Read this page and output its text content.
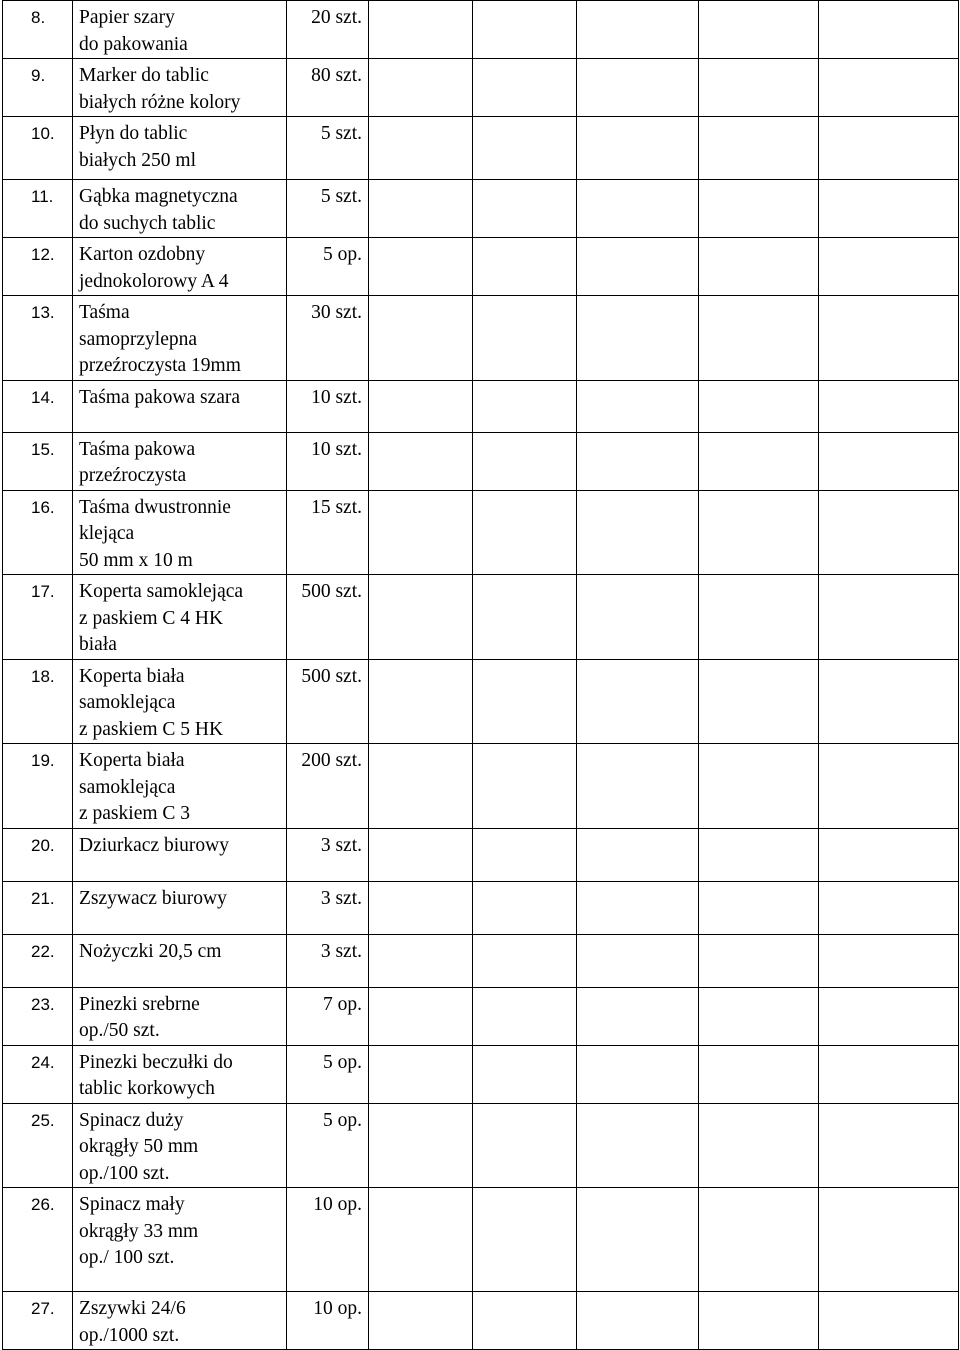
8.	Papier szary
do pakowania	20 szt.					

9.	Marker do tablic
białych różne kolory	80 szt.					

10.	Płyn do tablic
białych 250 ml	5 szt.					

11.	Gąbka magnetyczna
do suchych tablic	5 szt.					

12.	Karton ozdobny
jednokolorowy A 4	5 op.					

13.	Taśma
samoprzylepna
przeźroczysta 19mm	30 szt.					

14.	Taśma pakowa szara	10 szt.					

15.	Taśma pakowa
przeźroczysta	10 szt.					

16.	Taśma dwustronnie
klejąca
50 mm x 10 m	15 szt.					

17.	Koperta samoklejąca
z paskiem C 4 HK
biała	500 szt.					

18.	Koperta biała
samoklejąca
z paskiem C 5 HK	500 szt.					

19.	Koperta biała
samoklejąca
z paskiem C 3	200 szt.					

20.	Dziurkacz biurowy	3 szt.					

21.	Zszywacz biurowy	3 szt.					

22.	Nożyczki 20,5 cm	3 szt.					

23.	Pinezki srebrne
op./50 szt.	7 op.					

24.	Pinezki beczułki do
tablic korkowych	5 op.					

25.	Spinacz duży
okrągły 50 mm
op./100 szt.	5 op.					

26.	Spinacz mały
okrągły 33 mm
op./ 100 szt.	10 op.					

27.	Zszywki 24/6
op./1000 szt.	10 op.					
